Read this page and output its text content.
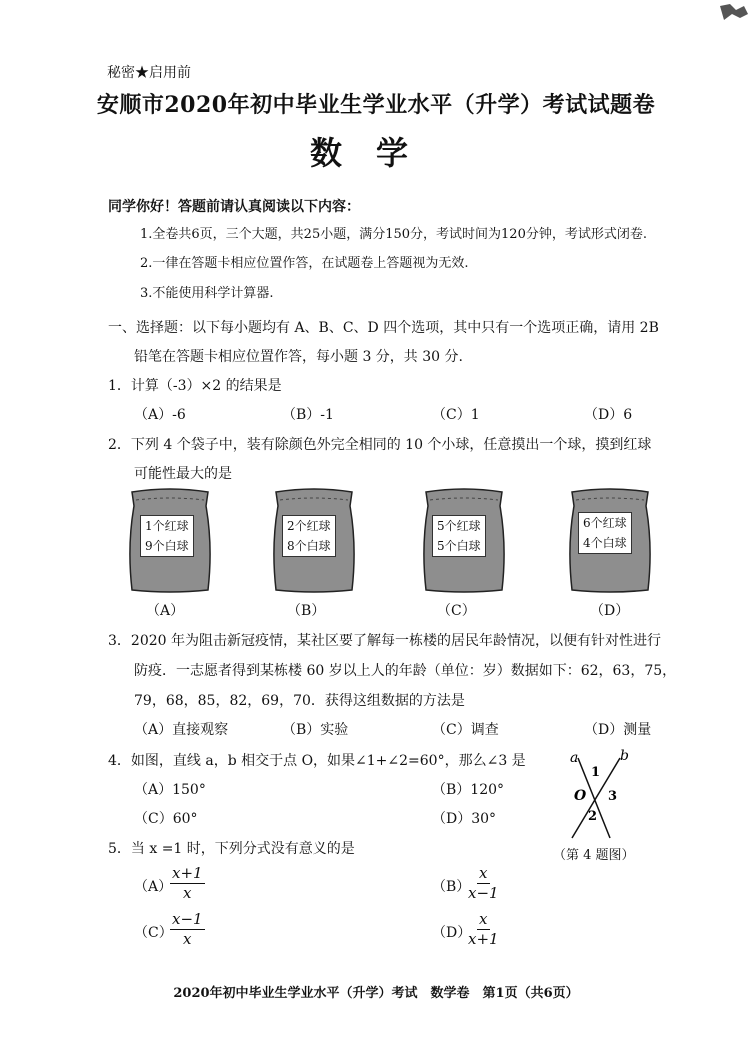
秘密★启用前
安顺市2020年初中毕业生学业水平（升学）考试试题卷
数学
同学你好！答题前请认真阅读以下内容：
1.全卷共6页，三个大题，共25小题，满分150分，考试时间为120分钟，考试形式闭卷.
2.一律在答题卡相应位置作答，在试题卷上答题视为无效.
3.不能使用科学计算器.
一、选择题：以下每小题均有 A、B、C、D 四个选项，其中只有一个选项正确，请用 2B
铅笔在答题卡相应位置作答，每小题 3 分，共 30 分.
1．计算（-3）×2 的结果是
（A）-6	（B）-1	（C）1	（D）6
2．下列 4 个袋子中，装有除颜色外完全相同的 10 个小球，任意摸出一个球，摸到红球
可能性最大的是
1个红球
9个白球
（A）
2个红球
8个白球
（B）
5个红球
5个白球
（C）
6个红球
4个白球
（D）
3．2020 年为阻击新冠疫情，某社区要了解每一栋楼的居民年龄情况，以便有针对性进行
防疫．一志愿者得到某栋楼 60 岁以上人的年龄（单位：岁）数据如下：62，63，75，
79，68，85，82，69，70．获得这组数据的方法是
（A）直接观察	（B）实验	（C）调查	（D）测量
4．如图，直线 a，b 相交于点 O，如果∠1+∠2=60°，那么∠3 是
（A）150°	（B）120°
（C）60°	（D）30°
a	b
1
O 3
2
（第 4 题图）
5．当 x =1 时，下列分式没有意义的是
（A）
$\frac{x+1}{x}$	（B）
$\frac{x}{x-1}$
（C）
$\frac{x-1}{x}$	（D）
$\frac{x}{x+1}$
2020年初中毕业生学业水平（升学）考试　数学卷　第1页（共6页）
